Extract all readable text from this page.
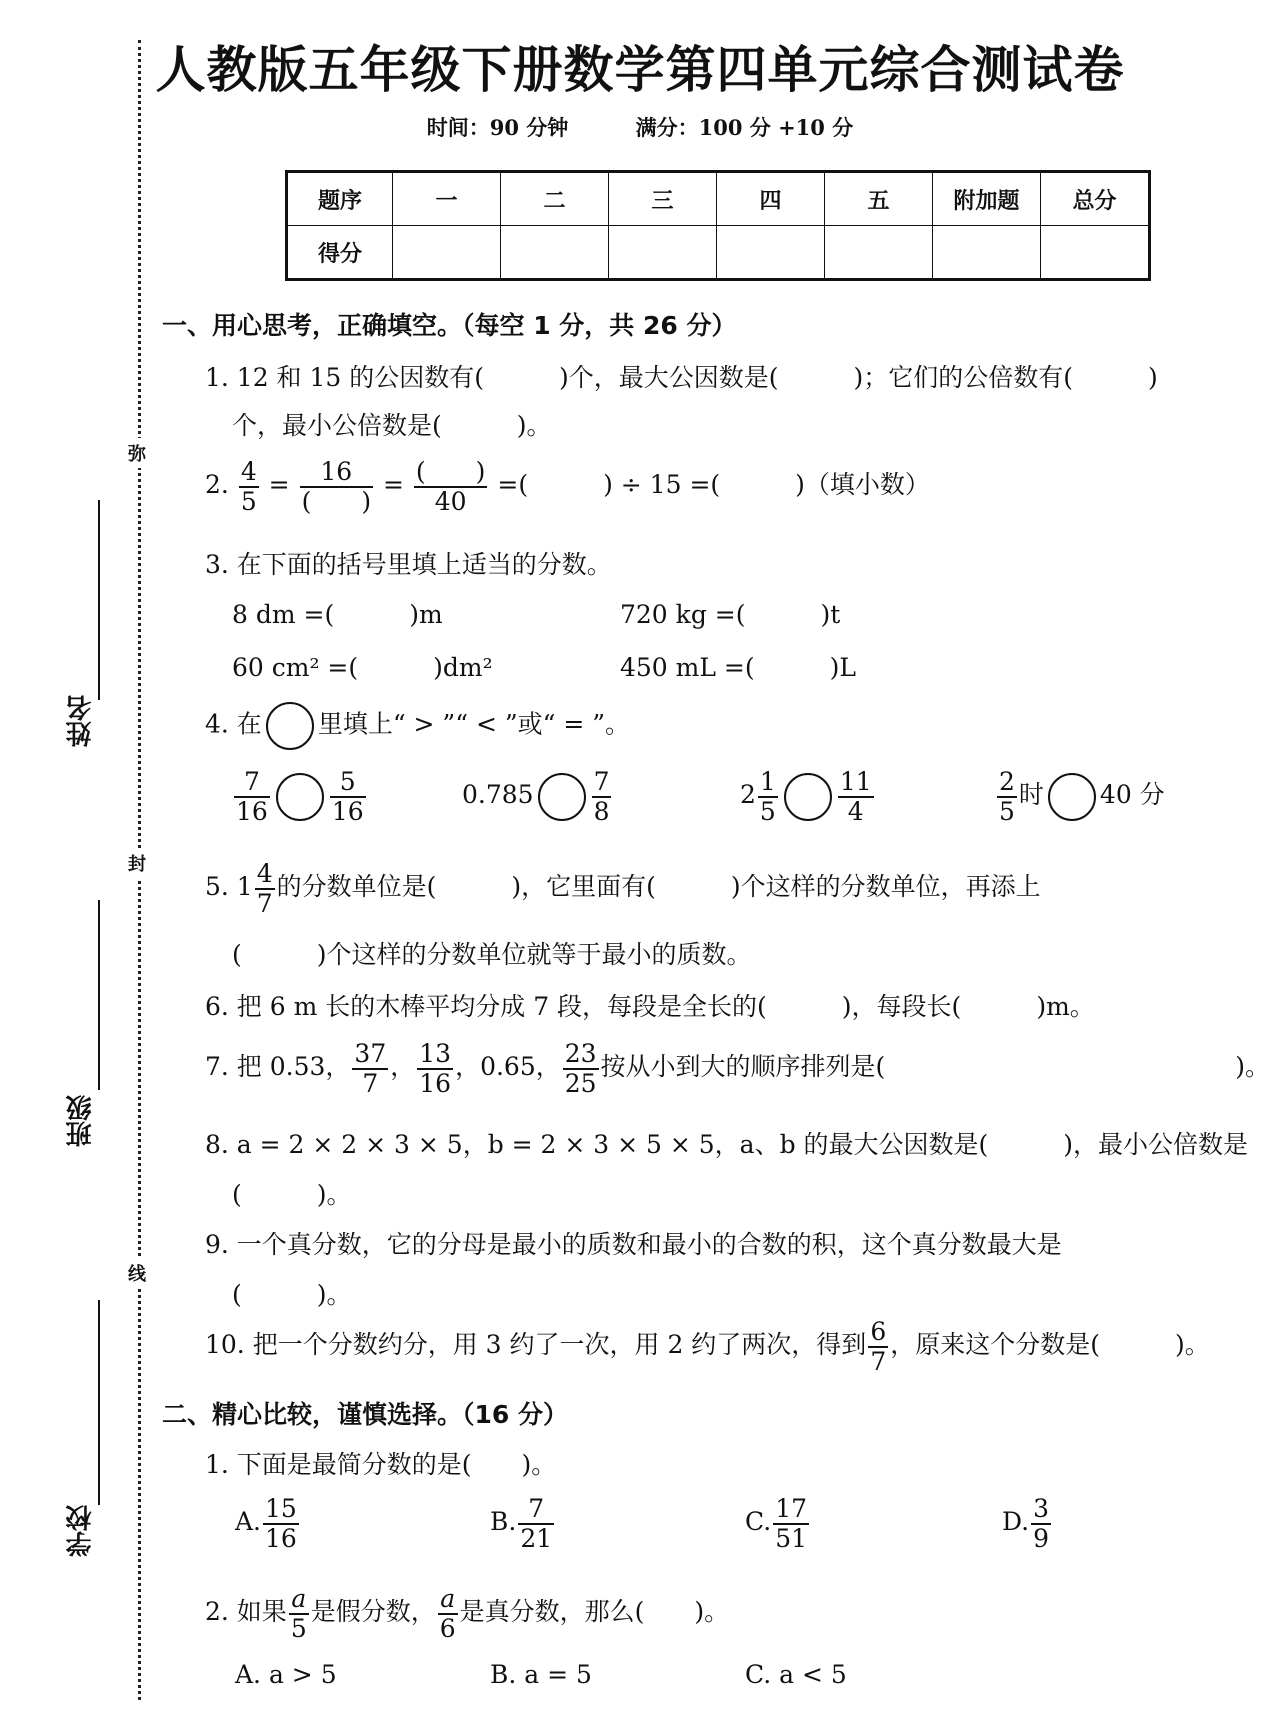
人教版五年级下册数学第四单元综合测试卷
时间：90 分钟	满分：100 分 +10 分
题序	一	二	三	四	五	附加题	总分
得分							
弥
封
线
姓名
班级
学校
一、用心思考，正确填空。（每空 1 分，共 26 分）
1. 12 和 15 的公因数有(　　　)个，最大公因数是(　　　)；它们的公倍数有(　　　)
个，最小公倍数是(　　　)。
2. $\frac{4}{5} = \frac{16}{( )} = \frac{( )}{40}$ =(　　　) ÷ 15 =(　　　)（填小数）
3. 在下面的括号里填上适当的分数。
8 dm =(　　　)m	720 kg =(　　　)t
60 cm² =(　　　)dm²	450 mL =(　　　)L
4. 在 里填上“ > ”“ < ”或“ = ”。
$\frac{7}{16} \frac{5}{16}$	$0.785 \frac{7}{8}$	$2 \frac{1}{5} \frac{11}{4}$	$\frac{2}{5}$ 时 40 分
5. $1 \frac{4}{7}$ 的分数单位是(　　　)，它里面有(　　　)个这样的分数单位，再添上
(　　　)个这样的分数单位就等于最小的质数。
6. 把 6 m 长的木棒平均分成 7 段，每段是全长的(　　　)，每段长(　　　)m。
7. 把 0.53， $\frac{37}{7}$ ， $\frac{13}{16}$ ，0.65， $\frac{23}{25}$ 按从小到大的顺序排列是(　　　　　　　　　　　　　　)。
8. a = 2 × 2 × 3 × 5，b = 2 × 3 × 5 × 5，a、b 的最大公因数是(　　　)，最小公倍数是
(　　　)。
9. 一个真分数，它的分母是最小的质数和最小的合数的积，这个真分数最大是
(　　　)。
10. 把一个分数约分，用 3 约了一次，用 2 约了两次，得到 $\frac{6}{7}$ ，原来这个分数是(　　　)。
二、精心比较，谨慎选择。（16 分）
1. 下面是最简分数的是(　　)。
A. $\frac{15}{16}$	B. $\frac{7}{21}$	C. $\frac{17}{51}$	D. $\frac{3}{9}$
2. 如果 $\frac{a}{5}$ 是假分数， $\frac{a}{6}$ 是真分数，那么(　　)。
A. a > 5	B. a = 5	C. a < 5
